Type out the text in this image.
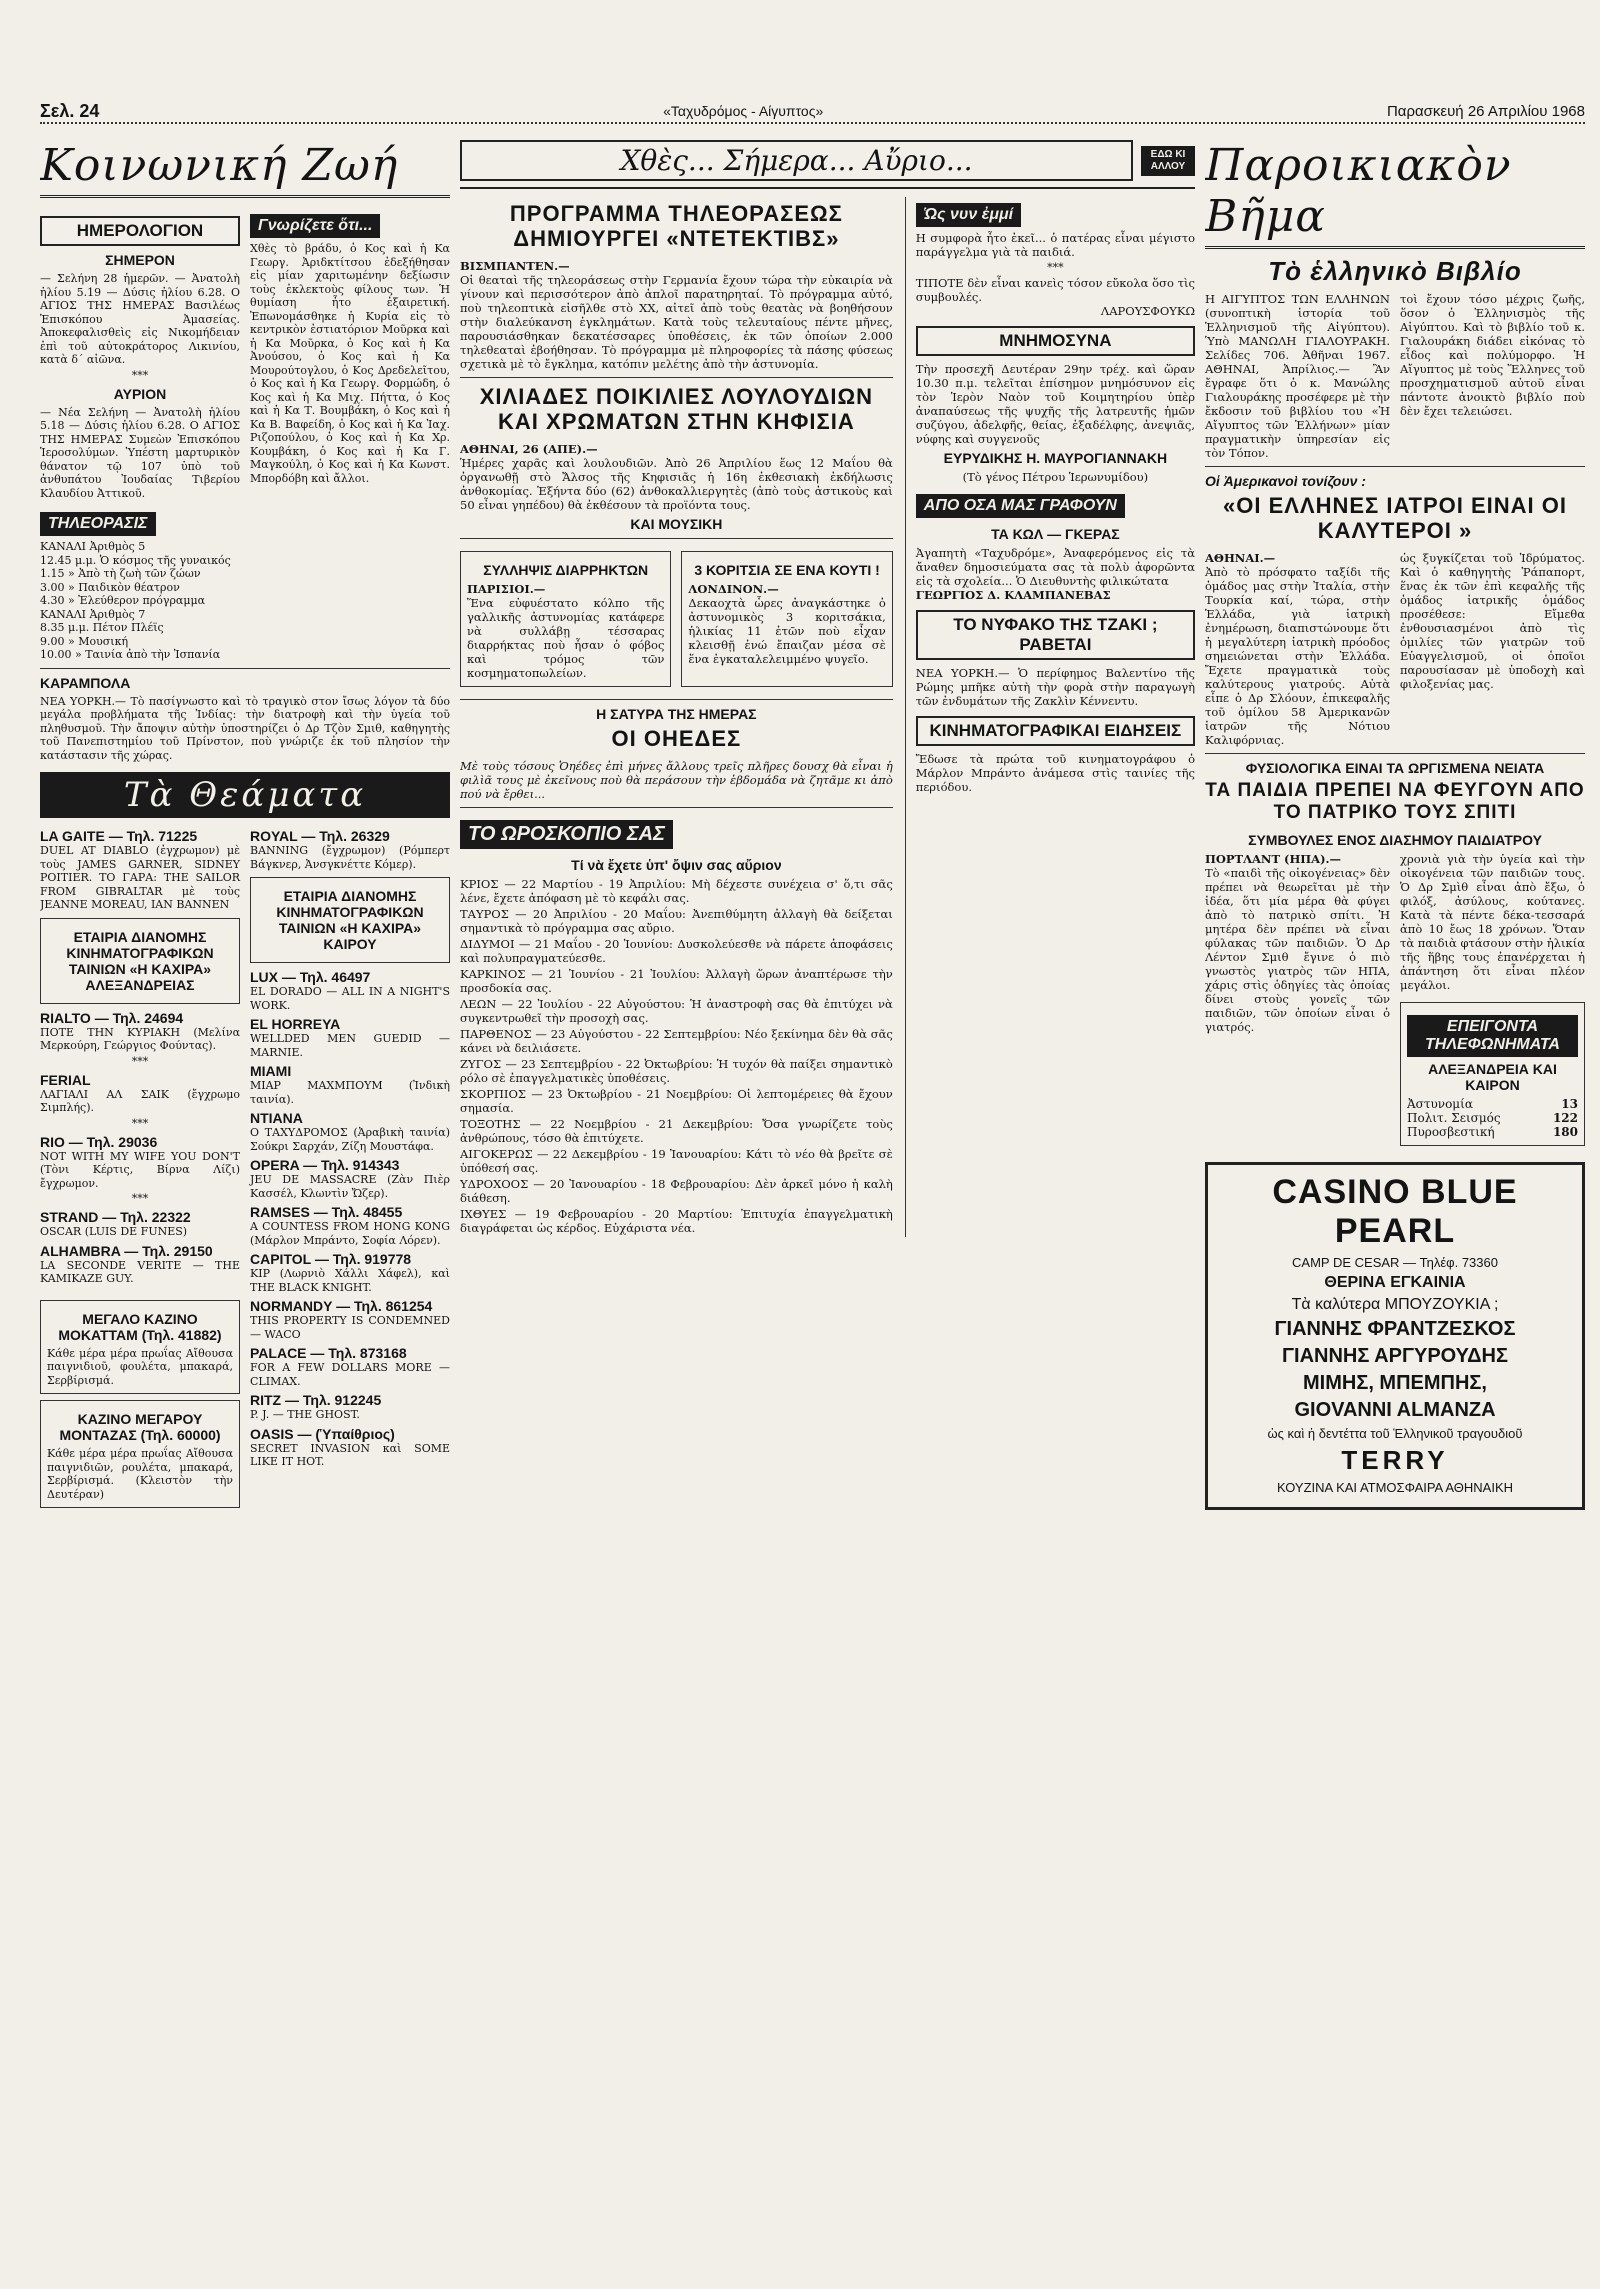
Σελ. 24	«Ταχυδρόμος - Αίγυπτος»	Παρασκευή 26 Απριλίου 1968
Κοινωνική Ζωή
ΗΜΕΡΟΛΟΓΙΟΝ
ΣΗΜΕΡΟΝ

— Σελήνη 28 ἡμερῶν. — Ἀνατολὴ ἡλίου 5.19 — Δύσις ἡλίου 6.28. Ο ΑΓΙΟΣ ΤΗΣ ΗΜΕΡΑΣ Βασιλέως Ἐπισκόπου Ἀμασείας. Ἀποκεφαλισθεὶς εἰς Νικομήδειαν ἐπὶ τοῦ αὐτοκράτορος Λικινίου, κατὰ δ΄ αἰῶνα.

***
ΑΥΡΙΟΝ

— Νέα Σελήνη — Ἀνατολὴ ἡλίου 5.18 — Δύσις ἡλίου 6.28. Ο ΑΓΙΟΣ ΤΗΣ ΗΜΕΡΑΣ Συμεὼν Ἐπισκόπου Ἱεροσολύμων. Ὑπέστη μαρτυρικὸν θάνατον τῷ 107 ὑπὸ τοῦ ἀνθυπάτου Ἰουδαίας Τιβερίου Κλαυδίου Ἀττικοῦ.

ΤΗΛΕΟΡΑΣΙΣ

ΚΑΝΑΛΙ Ἀριθμὸς 5

12.45 μ.μ. Ὁ κόσμος τῆς γυναικός

1.15 » Ἀπὸ τὴ ζωὴ τῶν ζώων

3.00 » Παιδικὸν θέατρον

4.30 » Ἐλεύθερον πρόγραμμα

ΚΑΝΑΛΙ Ἀριθμὸς 7

8.35 μ.μ. Πέτον Πλέϊς

9.00 » Μουσική

10.00 » Ταινία ἀπὸ τὴν Ἰσπανία

Γνωρίζετε ὅτι...

Χθὲς τὸ βράδυ, ὁ Κος καὶ ἡ Κα Γεωργ. Ἀριδκτίτσου ἐδεξήθησαν εἰς μίαν χαριτωμένην δεξίωσιν τοὺς ἐκλεκτοὺς φίλους των. Ἡ θυμίαση ἦτο ἐξαιρετική. Ἐπωνομάσθηκε ἡ Κυρία εἰς τὸ κεντρικὸν ἐστιατόριον Μοῦρκα καὶ ἡ Κα Μοῦρκα, ὁ Κος καὶ ἡ Κα Ἀνούσου, ὁ Κος καὶ ἡ Κα Μουρούτογλου, ὁ Κος Δρεδελεῖτου, ὁ Κος καὶ ἡ Κα Γεωργ. Φορμώδη, ὁ Κος καὶ ἡ Κα Μιχ. Πήττα, ὁ Κος καὶ ἡ Κα Τ. Βουμβάκη, ὁ Κος καὶ ἡ Κα Β. Βαφείδη, ὁ Κος καὶ ἡ Κα Ἰαχ. Ριζοπούλου, ὁ Κος καὶ ἡ Κα Χρ. Κουμβάκη, ὁ Κος καὶ ἡ Κα Γ. Μαγκούλη, ὁ Κος καὶ ἡ Κα Κωνστ. Μπορδόβη καὶ ἄλλοι.

ΚΑΡΑΜΠΟΛΑ

ΝΕΑ ΥΟΡΚΗ.— Τὸ πασίγνωστο καὶ τὸ τραγικὸ στον ἴσως λόγον τὰ δύο μεγάλα προβλήματα τῆς Ἰνδίας: τὴν διατροφὴ καὶ τὴν ὑγεία τοῦ πληθυσμοῦ. Τὴν ἄποψιν αὐτὴν ὑποστηρίζει ὁ Δρ Τζὸν Σμιθ, καθηγητὴς τοῦ Πανεπιστημίου τοῦ Πρίνστον, ποὺ γνώριζε ἐκ τοῦ πλησίον τὴν κατάστασιν τῆς χώρας.

Τὰ Θεάματα
LA GAITE — Τηλ. 71225

DUEL AT DIABLO (ἐγχρωμον) μὲ τοὺς JAMES GARNER, SIDNEY POITIER. ΤΟ ΓΑΡΑ: THE SAILOR FROM GIBRALTAR μὲ τοὺς JEANNE MOREAU, IAN BANNEN

ΕΤΑΙΡΙΑ ΔΙΑΝΟΜΗΣ ΚΙΝΗΜΑΤΟΓΡΑΦΙΚΩΝ ΤΑΙΝΙΩΝ «Η ΚΑΧΙΡΑ» ΑΛΕΞΑΝΔΡΕΙΑΣ
RIALTO — Τηλ. 24694

ΠΟΤΕ ΤΗΝ ΚΥΡΙΑΚΗ (Μελίνα Μερκούρη, Γεώργιος Φούντας).

***
FERIAL

ΛΑΓΙΑΛΙ ΑΛ ΣΑΙΚ (ἔγχρωμο Σιμπλής).

***
RIO — Τηλ. 29036

NOT WITH MY WIFE YOU DON'T (Τὸνι Κέρτις, Βίρνα Λίζι) ἔγχρωμον.

***
STRAND — Τηλ. 22322

OSCAR (LUIS DE FUNES)

ALHAMBRA — Τηλ. 29150

LA SECONDE VERITE — THE KAMIKAZE GUY.

ΜΕΓΑΛΟ ΚΑΖΙΝΟ ΜΟΚΑΤΤΑΜ (Τηλ. 41882)

Κάθε μέρα μέρα πρωΐας Αἴθουσα παιγνιδιοῦ, φουλέτα, μπακαρά, Σερβίρισμά.

ΚΑΖΙΝΟ ΜΕΓΑΡΟΥ ΜΟΝΤΑΖΑΣ (Τηλ. 60000)

Κάθε μέρα μέρα πρωΐας Αἴθουσα παιγνιδιῶν, ρουλέτα, μπακαρά, Σερβίρισμά. (Κλειστὸν τὴν Δευτέραν)

ROYAL — Τηλ. 26329

BANNING (ἔγχρωμον) (Ρόμπερτ Βάγκνερ, Ἀνσγκνέττε Κόμερ).

ΕΤΑΙΡΙΑ ΔΙΑΝΟΜΗΣ ΚΙΝΗΜΑΤΟΓΡΑΦΙΚΩΝ ΤΑΙΝΙΩΝ «Η ΚΑΧΙΡΑ» ΚΑΙΡΟΥ
LUX — Τηλ. 46497

EL DORADO — ALL IN A NIGHT'S WORK.

EL HORREYA

WELLDED MEN GUEDID — MARNIE.

MIAMI

ΜΙΑΡ ΜΑΧΜΠΟΥΜ (Ἰνδικὴ ταινία).

NTIANA

Ο ΤΑΧΥΔΡΟΜΟΣ (Ἀραβικὴ ταινία) Σούκρι Σαρχάν, Ζίζη Μουστάφα.

OPERA — Τηλ. 914343

JEU DE MASSACRE (Ζὰν Πιὲρ Κασσέλ, Κλωντὶν Ὤζερ).

RAMSES — Τηλ. 48455

A COUNTESS FROM HONG KONG (Μάρλον Μπράντο, Σοφία Λόρεν).

CAPITOL — Τηλ. 919778

KIP (Λωρνιὸ Χάλλι Χάφελ), καὶ THE BLACK KNIGHT.

NORMANDY — Τηλ. 861254

THIS PROPERTY IS CONDEMNED — WACO

PALACE — Τηλ. 873168

FOR A FEW DOLLARS MORE — CLIMAX.

RITZ — Τηλ. 912245

P. J. — THE GHOST.

OASIS — (Ὑπαίθριος)

SECRET INVASION καὶ SOME LIKE IT HOT.

Χθὲς... Σήμερα... Αὔριο...	ΕΔΩ ΚΙ ΑΛΛΟΥ
ΠΡΟΓΡΑΜΜΑ ΤΗΛΕΟΡΑΣΕΩΣ ΔΗΜΙΟΥΡΓΕΙ «ΝΤΕΤΕΚΤΙΒΣ»

ΒΙΣΜΠΑΝΤΕΝ.—

Οἱ θεαταὶ τῆς τηλεοράσεως στὴν Γερμανία ἔχουν τώρα τὴν εὐκαιρία νὰ γίνουν καὶ περισσότερον ἀπὸ ἁπλοῖ παρατηρηταί. Τὸ πρόγραμμα αὐτό, ποὺ τηλεοπτικὰ εἰσῆλθε στὸ ΧΧ, αἰτεῖ ἀπὸ τοὺς θεατὰς νὰ βοηθήσουν στὴν διαλεύκανση ἐγκλημάτων. Κατὰ τοὺς τελευταίους πέντε μῆνες, παρουσιάσθηκαν δεκατέσσαρες ὑποθέσεις, ἐκ τῶν ὁποίων 2.000 τηλεθεαταὶ ἐβοήθησαν. Τὸ πρόγραμμα μὲ πληροφορίες τὰ πάσης φύσεως σχετικὰ μὲ τὸ ἔγκλημα, κατόπιν μελέτης ἀπὸ τὴν ἀστυνομία.

ΧΙΛΙΑΔΕΣ ΠΟΙΚΙΛΙΕΣ ΛΟΥΛΟΥΔΙΩΝ ΚΑΙ ΧΡΩΜΑΤΩΝ ΣΤΗΝ ΚΗΦΙΣΙΑ

ΑΘΗΝΑΙ, 26 (ΑΠΕ).—

Ἡμέρες χαρᾶς καὶ λουλουδιῶν. Ἀπὸ 26 Ἀπριλίου ἕως 12 Μαΐου θὰ ὀργανωθῇ στὸ Ἄλσος τῆς Κηφισιᾶς ἡ 16η ἐκθεσιακὴ ἐκδήλωσις ἀνθοκομίας. Ἑξήντα δύο (62) ἀνθοκαλλιεργητὲς (ἀπὸ τοὺς ἀστικοὺς καὶ 50 εἶναι γηπέδου) θὰ ἐκθέσουν τὰ προϊόντα τους.

ΚΑΙ ΜΟΥΣΙΚΗ
ΣΥΛΛΗΨΙΣ ΔΙΑΡΡΗΚΤΩΝ

ΠΑΡΙΣΙΟΙ.—

Ἕνα εὐφυέστατο κόλπο τῆς γαλλικῆς ἀστυνομίας κατάφερε νὰ συλλάβῃ τέσσαρας διαρρήκτας ποὺ ἦσαν ὁ φόβος καὶ τρόμος τῶν κοσμηματοπωλείων.

3 ΚΟΡΙΤΣΙΑ ΣΕ ΕΝΑ ΚΟΥΤΙ !

ΛΟΝΔΙΝΟΝ.—

Δεκαοχτὰ ὧρες ἀναγκάστηκε ὁ ἀστυνομικὸς 3 κοριτσάκια, ἡλικίας 11 ἐτῶν ποὺ εἶχαν κλεισθῇ ἐνώ ἔπαιζαν μέσα σὲ ἕνα ἐγκαταλελειμμένο ψυγεῖο.

Η ΣΑΤΥΡΑ ΤΗΣ ΗΜΕΡΑΣ
ΟΙ ΟΗΕΔΕΣ

Μὲ τοὺς τόσους Ὁηέδες ἐπὶ μήνες ἄλλους τρεῖς πλῆρες δουσχ θὰ εἶναι ἡ φιλὶᾶ τους μὲ ἐκεῖνους ποὺ θὰ περάσουν τὴν ἑβδομάδα νὰ ζητᾶμε κι ἀπὸ πού νὰ ἔρθει...

ΤΟ ΩΡΟΣΚΟΠΙΟ ΣΑΣ
Τί νὰ ἔχετε ὑπ' ὄψιν σας αὔριον
ΚΡΙΟΣ — 22 Μαρτίου - 19 Ἀπριλίου: Μὴ δέχεστε συνέχεια σ' ὅ,τι σᾶς λένε, ἔχετε ἀπόφαση μὲ τὸ κεφάλι σας.
ΤΑΥΡΟΣ — 20 Ἀπριλίου - 20 Μαΐου: Ἀνεπιθύμητη ἀλλαγὴ θὰ δείξεται σημαντικὰ τὸ πρόγραμμα σας αὔριο.
ΔΙΔΥΜΟΙ — 21 Μαΐου - 20 Ἰουνίου: Δυσκολεύεσθε νὰ πάρετε ἀποφάσεις καὶ πολυπραγματεύεσθε.
ΚΑΡΚΙΝΟΣ — 21 Ἰουνίου - 21 Ἰουλίου: Ἀλλαγὴ ὥρων ἀναπτέρωσε τὴν προσδοκία σας.
ΛΕΩΝ — 22 Ἰουλίου - 22 Αὐγούστου: Ἡ ἀναστροφὴ σας θὰ ἐπιτύχει νὰ συγκεντρωθεῖ τὴν προσοχὴ σας.
ΠΑΡΘΕΝΟΣ — 23 Αὐγούστου - 22 Σεπτεμβρίου: Νέο ξεκίνημα δὲν θὰ σᾶς κάνει νὰ δειλιάσετε.
ΖΥΓΟΣ — 23 Σεπτεμβρίου - 22 Ὀκτωβρίου: Ἡ τυχόν θὰ παίξει σημαντικὸ ρόλο σὲ ἐπαγγελματικὲς ὑποθέσεις.
ΣΚΟΡΠΙΟΣ — 23 Ὀκτωβρίου - 21 Νοεμβρίου: Οἱ λεπτομέρειες θὰ ἔχουν σημασία.
ΤΟΞΟΤΗΣ — 22 Νοεμβρίου - 21 Δεκεμβρίου: Ὄσα γνωρίζετε τοὺς ἀνθρώπους, τόσο θὰ ἐπιτύχετε.
ΑΙΓΟΚΕΡΩΣ — 22 Δεκεμβρίου - 19 Ἰανουαρίου: Κάτι τὸ νέο θὰ βρεῖτε σὲ ὑπόθεσή σας.
ΥΔΡΟΧΟΟΣ — 20 Ἰανουαρίου - 18 Φεβρουαρίου: Δὲν ἀρκεῖ μόνο ἡ καλὴ διάθεση.
ΙΧΘΥΕΣ — 19 Φεβρουαρίου - 20 Μαρτίου: Ἐπιτυχία ἐπαγγελματικὴ διαγράφεται ὡς κέρδος. Εὐχάριστα νέα.
Ὡς νυν ἐμμί

Η συμφορὰ ἦτο ἐκεῖ... ὁ πατέρας εἶναι μέγιστο παράγγελμα γιὰ τὰ παιδιά.

***

ΤΙΠΟΤΕ δὲν εἶναι κανεὶς τόσον εὔκολα ὅσο τὶς συμβουλές.

ΛΑΡΟΥΣΦΟΥΚΩ

ΜΝΗΜΟΣΥΝΑ

Τὴν προσεχῆ Δευτέραν 29ην τρέχ. καὶ ὥραν 10.30 π.μ. τελεῖται ἐπίσημον μνημόσυνον εἰς τὸν Ἱερὸν Ναὸν τοῦ Κοιμητηρίου ὑπὲρ ἀναπαύσεως τῆς ψυχῆς τῆς λατρευτῆς ἡμῶν συζύγου, ἀδελφῆς, θείας, ἐξαδέλφης, ἀνεψιᾶς, νύφης καὶ συγγενοῦς

ΕΥΡΥΔΙΚΗΣ Η. ΜΑΥΡΟΓΙΑΝΝΑΚΗ

(Τὸ γένος Πέτρου Ἱερωνυμίδου)

ΑΠΟ ΟΣΑ ΜΑΣ ΓΡΑΦΟΥΝ
ΤΑ ΚΩΛ — ΓΚΕΡΑΣ

Ἀγαπητὴ «Ταχυδρόμε», Ἀναφερόμενος εἰς τὰ ἄναθεν δημοσιεύματα σας τὰ πολὺ ἀφορῶντα εἰς τὰ σχολεία... Ὁ Διευθυντὴς φιλικώτατα

ΓΕΩΡΓΙΟΣ Δ. ΚΛΑΜΠΑΝΕΒΑΣ

ΤΟ ΝΥΦΑΚΟ ΤΗΣ ΤΖΑΚΙ ; ΡΑΒΕΤΑΙ

ΝΕΑ ΥΟΡΚΗ.— Ὁ περίφημος Βαλεντίνο τῆς Ρώμης μπῆκε αὐτὴ τὴν φορὰ στὴν παραγωγὴ τῶν ἐνδυμάτων τῆς Ζακλὶν Κέννεντυ.

ΚΙΝΗΜΑΤΟΓΡΑΦΙΚΑΙ ΕΙΔΗΣΕΙΣ

Ἔδωσε τὰ πρώτα τοῦ κινηματογράφου ὁ Μάρλον Μπράντο ἀνάμεσα στὶς ταινίες τῆς περιόδου.

Παροικιακὸν Βῆμα
Τὸ ἑλληνικὸ Βιβλίο

Η ΑΙΓΥΠΤΟΣ ΤΩΝ ΕΛΛΗΝΩΝ (συνοπτικὴ ἱστορία τοῦ Ἑλληνισμοῦ τῆς Αἰγύπτου). Ὑπὸ ΜΑΝΩΛΗ ΓΙΑΛΟΥΡΑΚΗ. Σελίδες 706. Ἀθῆναι 1967. ΑΘΗΝΑΙ, Ἀπρίλιος.— Ἂν ἔγραφε ὅτι ὁ κ. Μανώλης Γιαλουράκης προσέφερε μὲ τὴν ἔκδοσιν τοῦ βιβλίου του «Ἡ Αἴγυπτος τῶν Ἑλλήνων» μίαν πραγματικὴν ὑπηρεσίαν εἰς τὸν Τόπον.

τοὶ ἔχουν τόσο μέχρις ζωῆς, ὅσον ὁ Ἑλληνισμὸς τῆς Αἰγύπτου. Καὶ τὸ βιβλίο τοῦ κ. Γιαλουράκη διάδει εἰκόνας τὸ εἶδος καὶ πολύμορφο. Ἡ Αἴγυπτος μὲ τοὺς Ἕλληνες τοῦ προσχηματισμοῦ αὐτοῦ εἶναι πάντοτε ἀνοικτὸ βιβλίο ποὺ δὲν ἔχει τελειώσει.

Οἱ Ἀμερικανοὶ τονίζουν :
«ΟΙ ΕΛΛΗΝΕΣ ΙΑΤΡΟΙ ΕΙΝΑΙ ΟΙ ΚΑΛΥΤΕΡΟΙ »

ΑΘΗΝΑΙ.—

Ἀπὸ τὸ πρόσφατο ταξίδι τῆς ὁμάδος μας στὴν Ἰταλία, στὴν Τουρκία καί, τώρα, στὴν Ἑλλάδα, γιὰ ἰατρικὴ ἐνημέρωση, διαπιστώνουμε ὅτι ἡ μεγαλύτερη ἰατρικὴ πρόοδος σημειώνεται στὴν Ἑλλάδα. Ἔχετε πραγματικὰ τοὺς καλύτερους γιατρούς. Αὐτὰ εἶπε ὁ Δρ Σλόουν, ἐπικεφαλῆς τοῦ ὁμίλου 58 Ἀμερικανῶν ἰατρῶν τῆς Νότιου Καλιφόρνιας.

ὡς ξυγκίζεται τοῦ Ἱδρύματος. Καὶ ὁ καθηγητὴς Ῥάπαπορτ, ἕνας ἐκ τῶν ἐπὶ κεφαλῆς τῆς ὁμάδος ἰατρικῆς ὁμάδος προσέθεσε: Εἴμεθα ἐνθουσιασμένοι ἀπὸ τὶς ὁμιλίες τῶν γιατρῶν τοῦ Εὐαγγελισμοῦ, οἱ ὁποῖοι παρουσίασαν μὲ ὑποδοχὴ καὶ φιλοξενίας μας.

ΦΥΣΙΟΛΟΓΙΚΑ ΕΙΝΑΙ ΤΑ ΩΡΓΙΣΜΕΝΑ ΝΕΙΑΤΑ
ΤΑ ΠΑΙΔΙΑ ΠΡΕΠΕΙ ΝΑ ΦΕΥΓΟΥΝ ΑΠΟ ΤΟ ΠΑΤΡΙΚΟ ΤΟΥΣ ΣΠΙΤΙ
ΣΥΜΒΟΥΛΕΣ ΕΝΟΣ ΔΙΑΣΗΜΟΥ ΠΑΙΔΙΑΤΡΟΥ

ΠΟΡΤΛΑΝΤ (ΗΠΑ).—

Τὸ «παιδὶ τῆς οἰκογένειας» δὲν πρέπει νὰ θεωρεῖται μὲ τὴν ἰδέα, ὅτι μία μέρα θὰ φύγει ἀπὸ τὸ πατρικὸ σπίτι. Ἡ μητέρα δὲν πρέπει νὰ εἶναι φύλακας τῶν παιδιῶν. Ὁ Δρ Λέντον Σμιθ ἔγινε ὁ πιὸ γνωστὸς γιατρὸς τῶν ΗΠΑ, χάρις στὶς ὁδηγίες τὰς ὁποίας δίνει στοὺς γονεῖς τῶν παιδιῶν, τῶν ὁποίων εἶναι ὁ γιατρός.

χρονιὰ γιὰ τὴν ὑγεία καὶ τὴν οἰκογένεια τῶν παιδιῶν τους. Ὁ Δρ Σμὶθ εἶναι ἀπὸ ἔξω, ὁ φιλόξ, ἀσύλους, κούτανες. Κατὰ τὰ πέντε δέκα-τεσσαρά ἀπὸ 10 ἔως 18 χρόνων. Ὅταν τὰ παιδιὰ φτάσουν στὴν ἡλικία τῆς ἥβης τους ἐπανέρχεται ἡ ἀπάντηση ὅτι εἶναι πλέον μεγάλοι.

ΕΠΕΙΓΟΝΤΑ ΤΗΛΕΦΩΝΗΜΑΤΑ
ΑΛΕΞΑΝΔΡΕΙΑ ΚΑΙ ΚΑΙΡΟΝ
Ἀστυνομία	13
Πολιτ. Σεισμός	122
Πυροσβεστική	180
CASINO BLUE PEARL
CAMP DE CESAR — Τηλέφ. 73360
ΘΕΡΙΝΑ ΕΓΚΑΙΝΙΑ
Τὰ καλύτερα ΜΠΟΥΖΟΥΚΙΑ ;
ΓΙΑΝΝΗΣ ΦΡΑΝΤΖΕΣΚΟΣ
ΓΙΑΝΝΗΣ ΑΡΓΥΡΟΥΔΗΣ
ΜΙΜΗΣ, ΜΠΕΜΠΗΣ,
GIOVANNI ALMANZA
ὡς καὶ ἡ δεντέττα τοῦ Ἑλληνικοῦ τραγουδιοῦ
TERRY
ΚΟΥΖΙΝΑ ΚΑΙ ΑΤΜΟΣΦΑΙΡΑ ΑΘΗΝΑΙΚΗ
